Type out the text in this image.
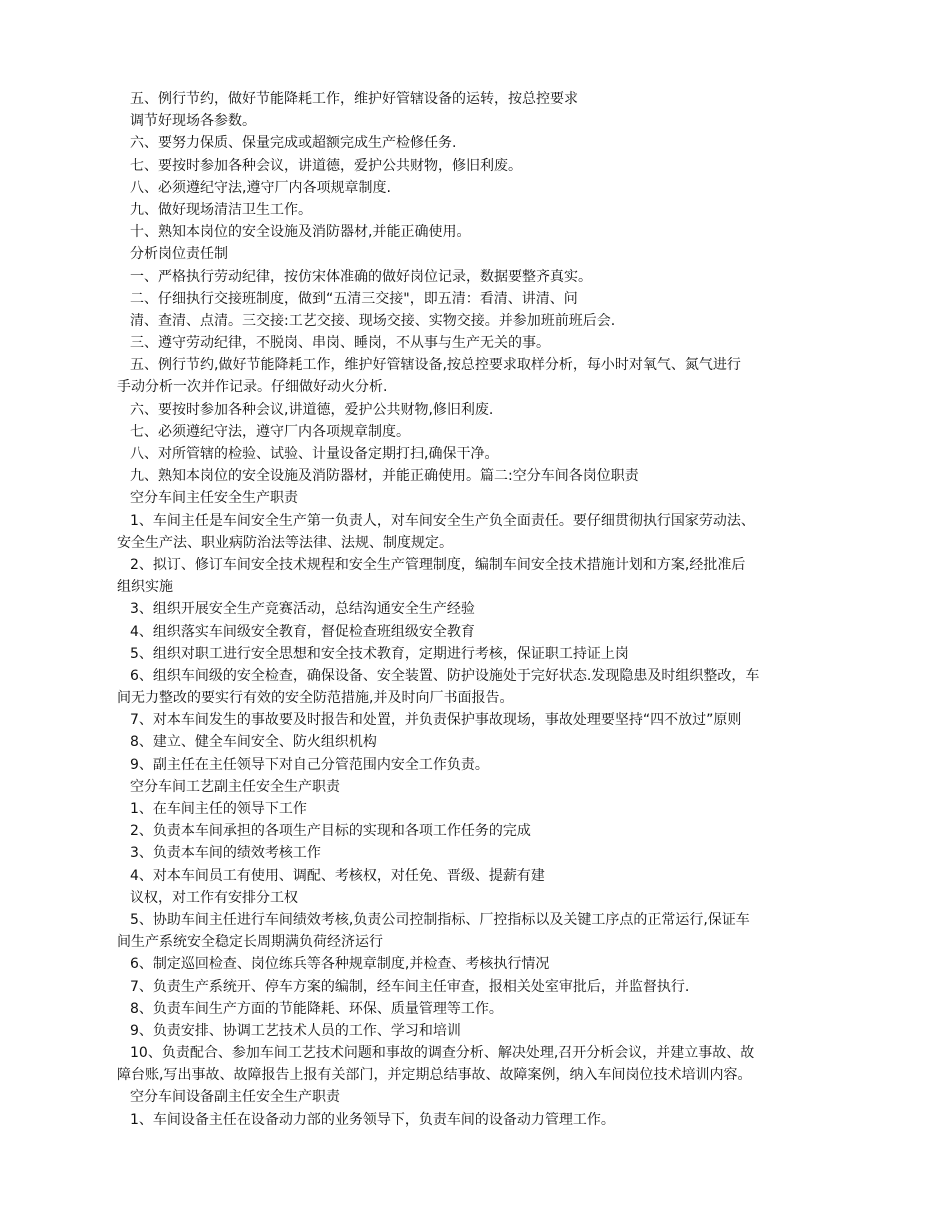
五、例行节约，做好节能降耗工作，维护好管辖设备的运转，按总控要求
调节好现场各参数。
六、要努力保质、保量完成或超额完成生产检修任务.
七、要按时参加各种会议，讲道德，爱护公共财物，修旧利废。
八、必须遵纪守法,遵守厂内各项规章制度.
九、做好现场清洁卫生工作。
十、熟知本岗位的安全设施及消防器材,并能正确使用。
分析岗位责任制
一、严格执行劳动纪律，按仿宋体准确的做好岗位记录，数据要整齐真实。
二、仔细执行交接班制度，做到“五清三交接"，即五清：看清、讲清、问
清、查清、点清。三交接:工艺交接、现场交接、实物交接。并参加班前班后会.
三、遵守劳动纪律，不脱岗、串岗、睡岗，不从事与生产无关的事。
五、例行节约,做好节能降耗工作，维护好管辖设备,按总控要求取样分析，每小时对氧气、氮气进行
手动分析一次并作记录。仔细做好动火分析.
六、要按时参加各种会议,讲道德，爱护公共财物,修旧利废.
七、必须遵纪守法，遵守厂内各项规章制度。
八、对所管辖的检验、试验、计量设备定期打扫,确保干净。
九、熟知本岗位的安全设施及消防器材，并能正确使用。篇二:空分车间各岗位职责
空分车间主任安全生产职责
1、车间主任是车间安全生产第一负责人，对车间安全生产负全面责任。要仔细贯彻执行国家劳动法、
安全生产法、职业病防治法等法律、法规、制度规定。
2、拟订、修订车间安全技术规程和安全生产管理制度，编制车间安全技术措施计划和方案,经批准后
组织实施
3、组织开展安全生产竞赛活动，总结沟通安全生产经验
4、组织落实车间级安全教育，督促检查班组级安全教育
5、组织对职工进行安全思想和安全技术教育，定期进行考核，保证职工持证上岗
6、组织车间级的安全检查，确保设备、安全装置、防护设施处于完好状态.发现隐患及时组织整改，车
间无力整改的要实行有效的安全防范措施,并及时向厂书面报告。
7、对本车间发生的事故要及时报告和处置，并负责保护事故现场，事故处理要坚持“四不放过”原则
8、建立、健全车间安全、防火组织机构
9、副主任在主任领导下对自己分管范围内安全工作负责。
空分车间工艺副主任安全生产职责
1、在车间主任的领导下工作
2、负责本车间承担的各项生产目标的实现和各项工作任务的完成
3、负责本车间的绩效考核工作
4、对本车间员工有使用、调配、考核权，对任免、晋级、提薪有建
议权，对工作有安排分工权
5、协助车间主任进行车间绩效考核,负责公司控制指标、厂控指标以及关键工序点的正常运行,保证车
间生产系统安全稳定长周期满负荷经济运行
6、制定巡回检查、岗位练兵等各种规章制度,并检查、考核执行情况
7、负责生产系统开、停车方案的编制，经车间主任审查，报相关处室审批后，并监督执行.
8、负责车间生产方面的节能降耗、环保、质量管理等工作。
9、负责安排、协调工艺技术人员的工作、学习和培训
10、负责配合、参加车间工艺技术问题和事故的调查分析、解决处理,召开分析会议，并建立事故、故
障台账,写出事故、故障报告上报有关部门，并定期总结事故、故障案例，纳入车间岗位技术培训内容。
空分车间设备副主任安全生产职责
1、车间设备主任在设备动力部的业务领导下，负责车间的设备动力管理工作。
